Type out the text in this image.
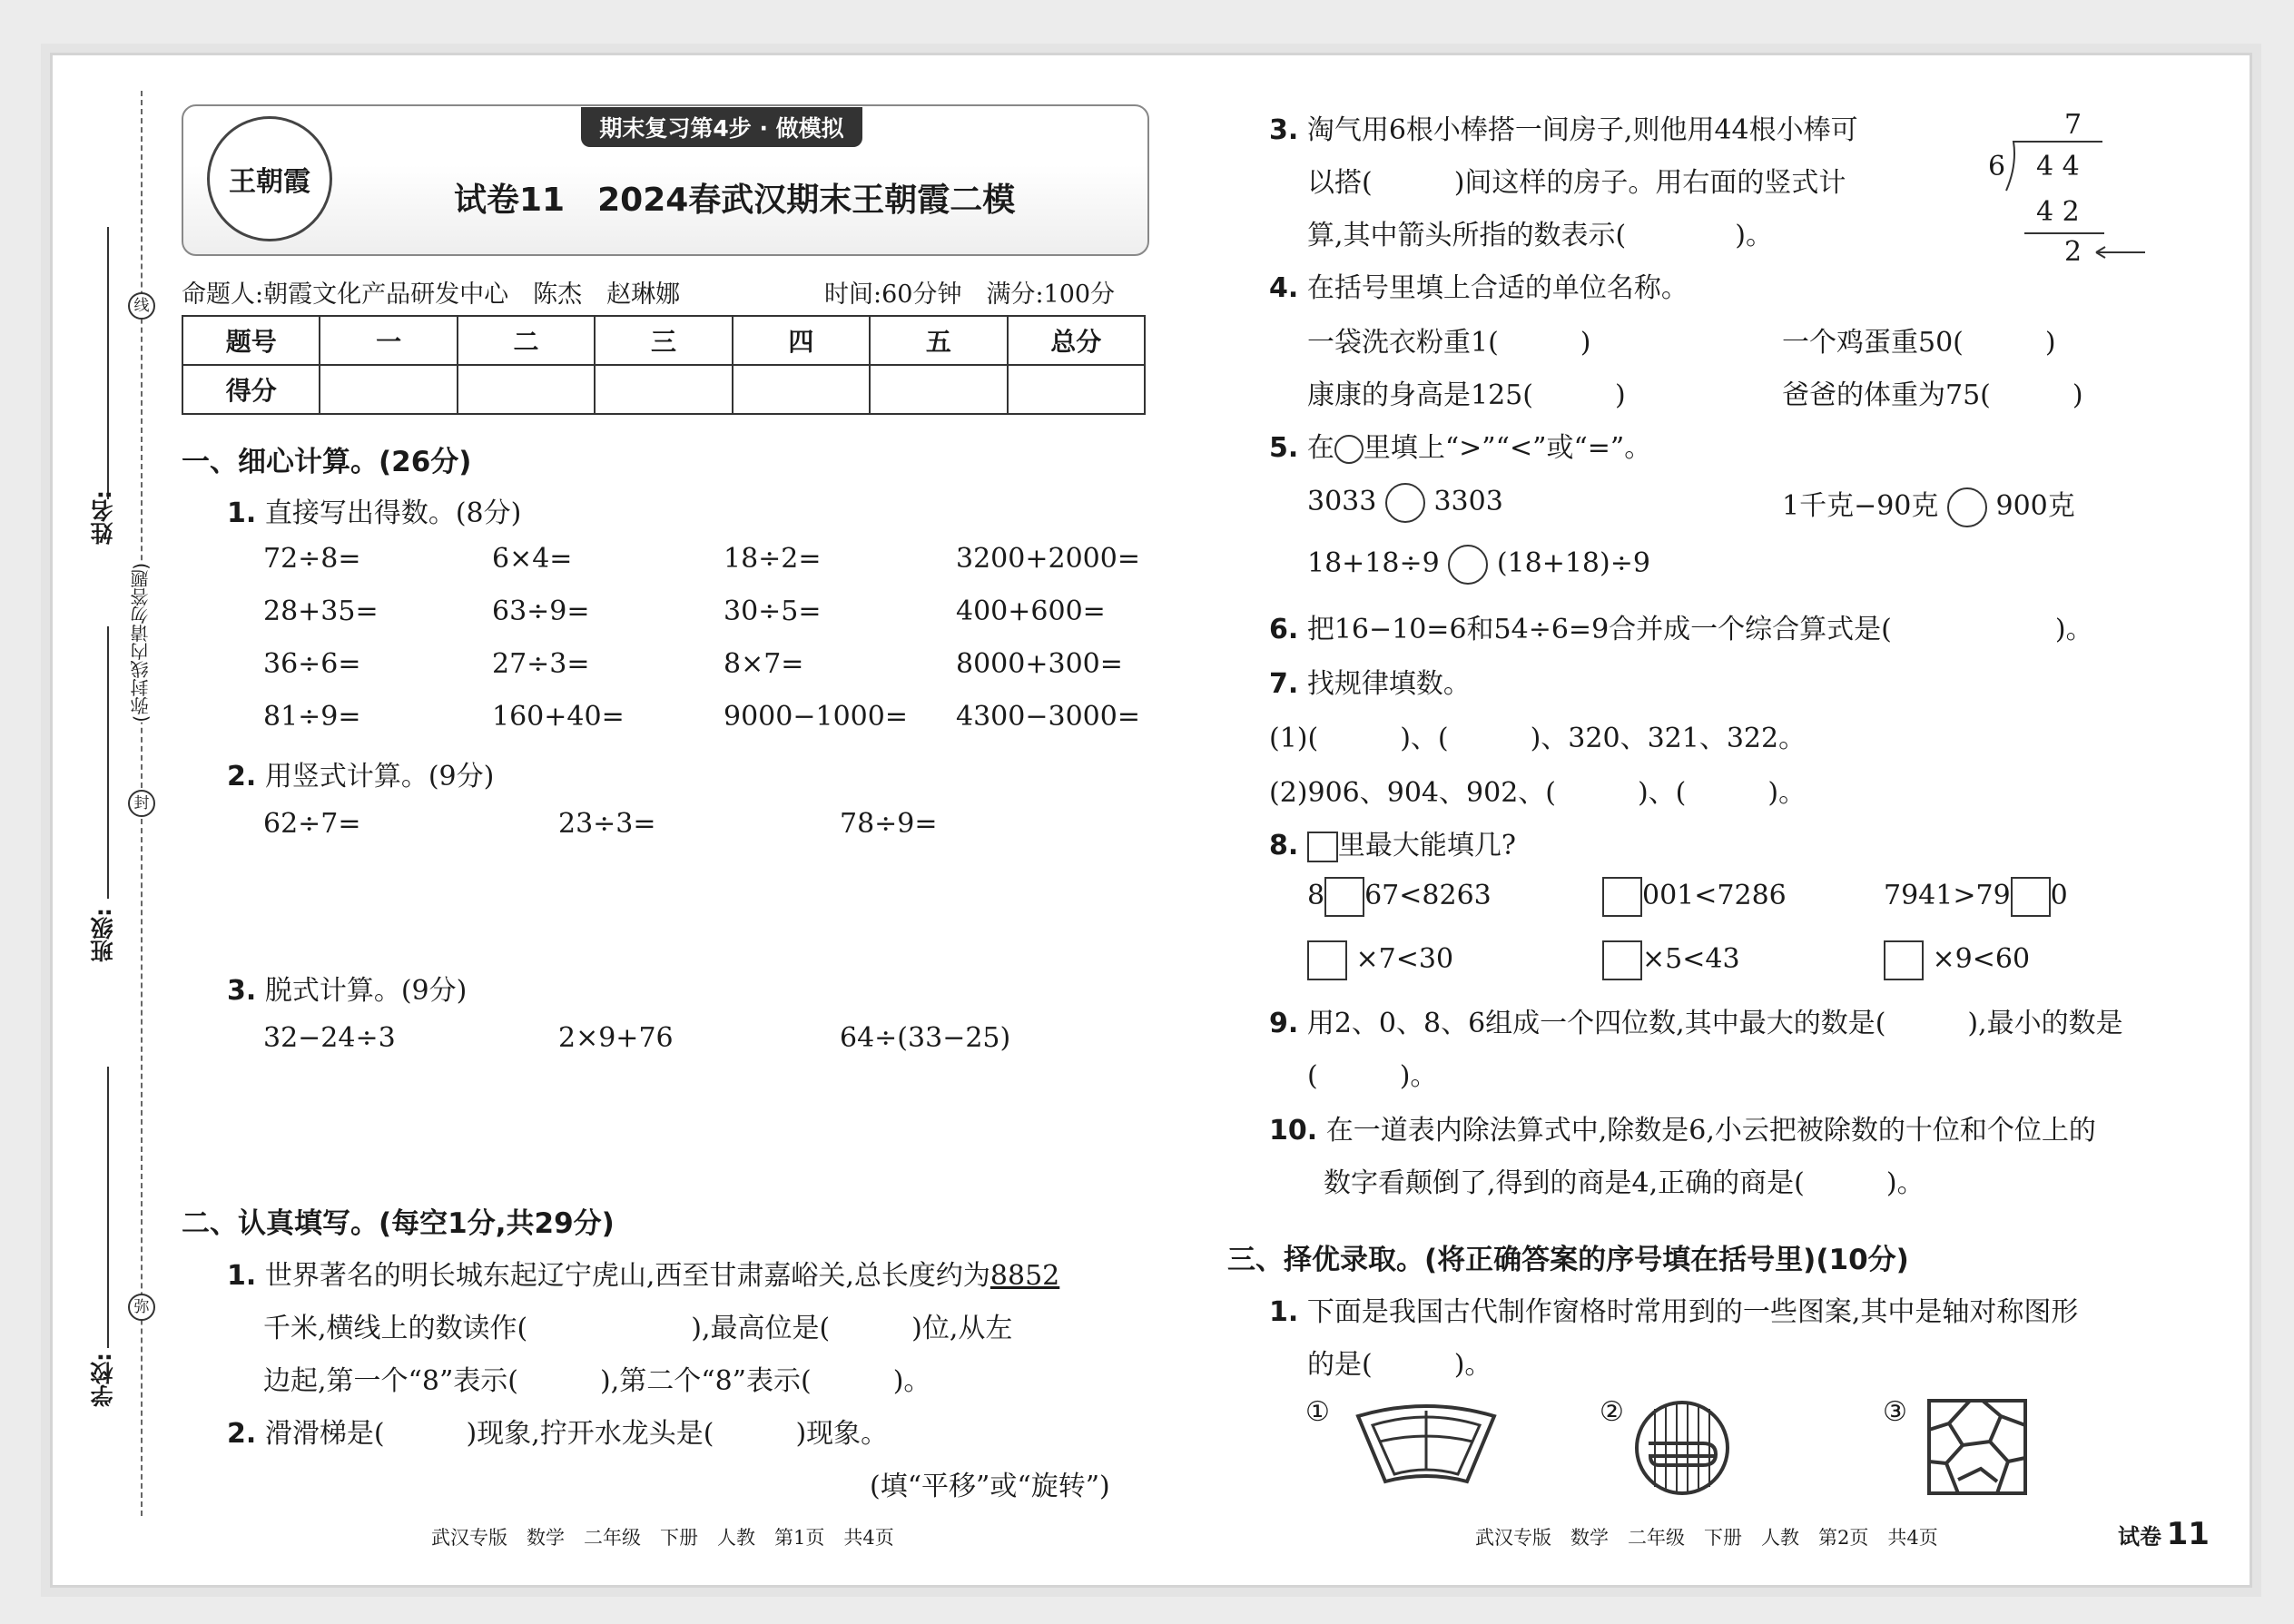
姓名:
班级:
学校:
(弥封线内请勿答题)
线
封
弥
王朝霞
期末复习第4步 · 做模拟
试卷11　2024春武汉期末王朝霞二模
命题人:朝霞文化产品研发中心　陈杰　赵琳娜	时间:60分钟　满分:100分
题号	一	二	三	四	五	总分
得分						
一、细心计算。(26分)
1. 直接写出得数。(8分)
72÷8=	6×4=	18÷2=	3200+2000=
28+35=	63÷9=	30÷5=	400+600=
36÷6=	27÷3=	8×7=	8000+300=
81÷9=	160+40=	9000−1000= 4300−3000=
2. 用竖式计算。(9分)
62÷7=	23÷3=	78÷9=
3. 脱式计算。(9分)
32−24÷3	2×9+76	64÷(33−25)
二、认真填写。(每空1分,共29分)
1. 世界著名的明长城东起辽宁虎山,西至甘肃嘉峪关,总长度约为8852
千米,横线上的数读作(　　　　　　),最高位是(　　　)位,从左
边起,第一个“8”表示(　　　),第二个“8”表示(　　　)。
2. 滑滑梯是(　　　)现象,拧开水龙头是(　　　)现象。
(填“平移”或“旋转”)
武汉专版　数学　二年级　下册　人教　第1页　共4页
3. 淘气用6根小棒搭一间房子,则他用44根小棒可
以搭(　　　)间这样的房子。用右面的竖式计
算,其中箭头所指的数表示(　　　　)。
7
6 4 4
4 2
2
4. 在括号里填上合适的单位名称。
一袋洗衣粉重1(　　　)	一个鸡蛋重50(　　　)
康康的身高是125(　　　)	爸爸的体重为75(　　　)
5. 在 里填上“>”“<”或“=”。
3033 3303	1千克−90克 900克
18+18÷9 (18+18)÷9
6. 把16−10=6和54÷6=9合并成一个综合算式是(　　　　　　)。
7. 找规律填数。
(1)(　　　)、(　　　)、320、321、322。
(2)906、904、902、(　　　)、(　　　)。
8. 里最大能填几?
8 67<8263	001<7286	7941>79 0
×7<30	×5<43	×9<60
9. 用2、0、8、6组成一个四位数,其中最大的数是(　　　),最小的数是
(　　　)。
10. 在一道表内除法算式中,除数是6,小云把被除数的十位和个位上的
数字看颠倒了,得到的商是4,正确的商是(　　　)。
三、择优录取。(将正确答案的序号填在括号里)(10分)
1. 下面是我国古代制作窗格时常用到的一些图案,其中是轴对称图形
的是(　　　)。
①	②	③
武汉专版　数学　二年级　下册　人教　第2页　共4页	试卷 11
